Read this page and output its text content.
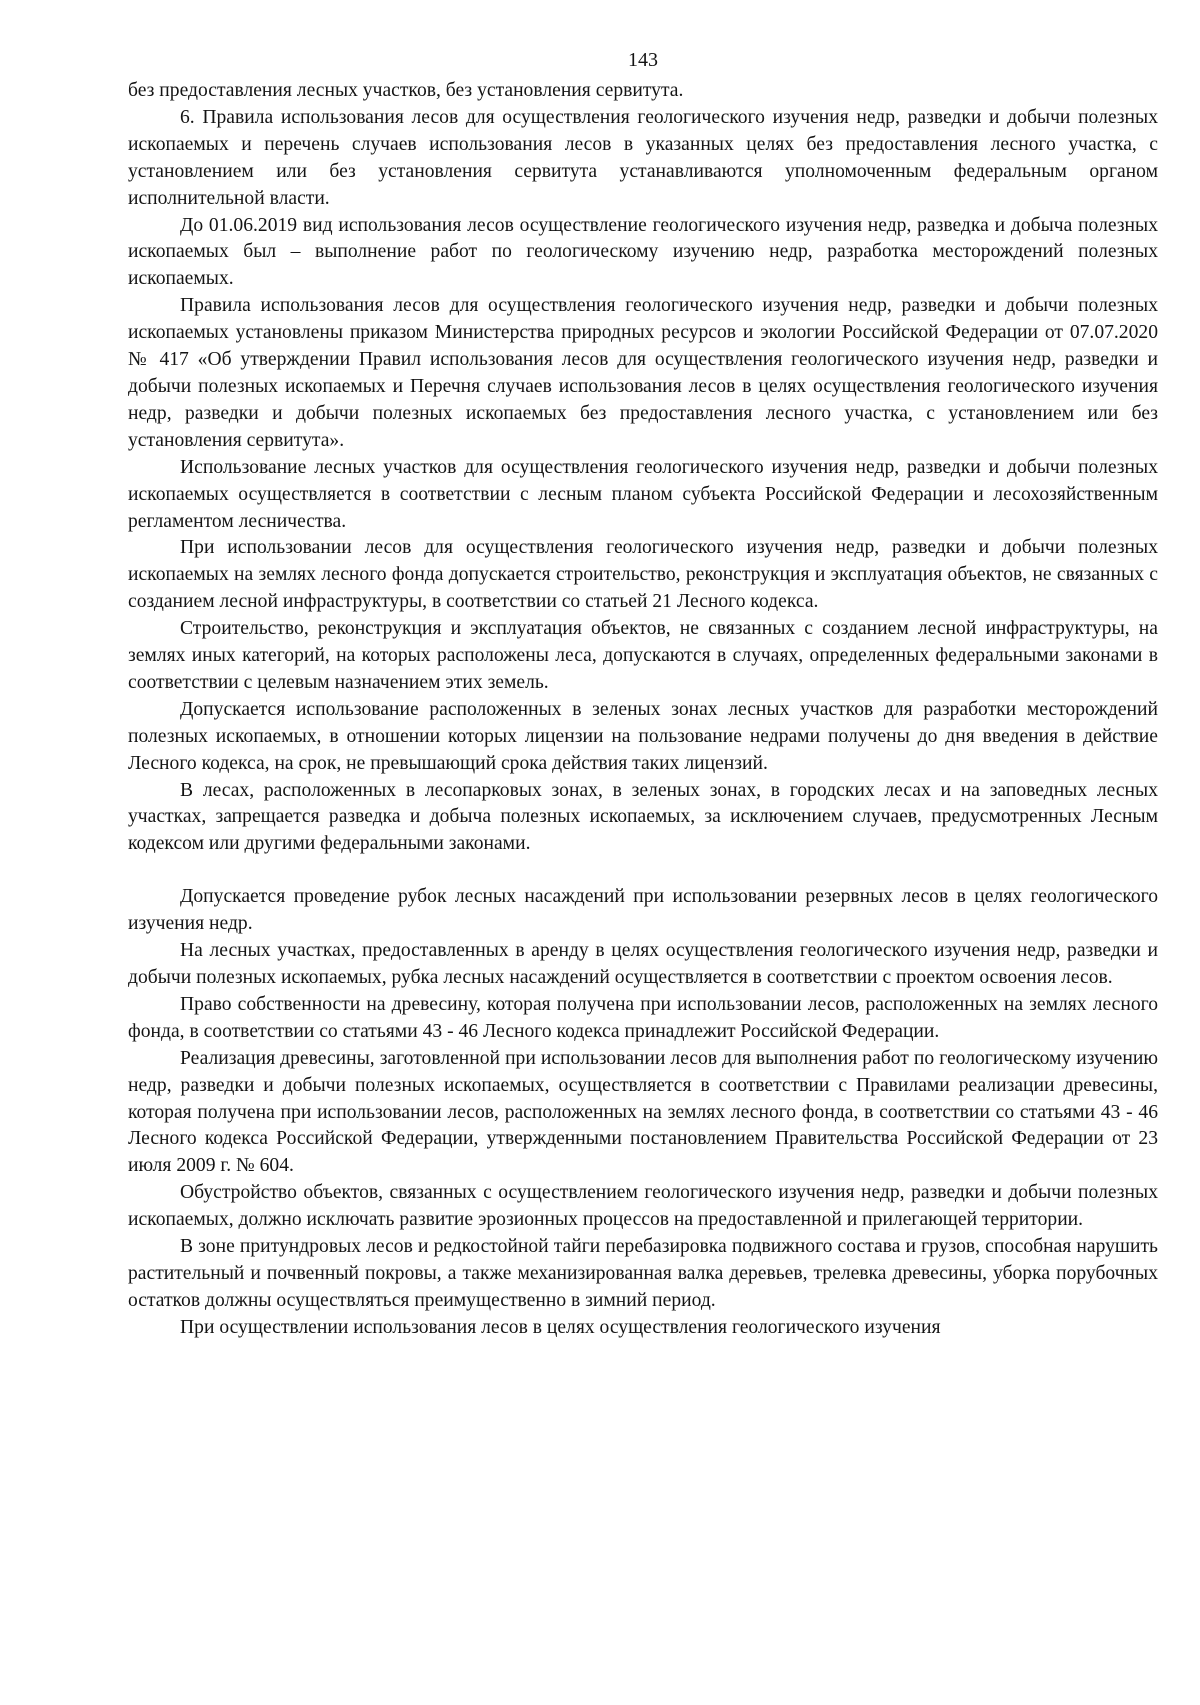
143

без предоставления лесных участков, без установления сервитута.

6. Правила использования лесов для осуществления геологического изучения недр, разведки и добычи полезных ископаемых и перечень случаев использования лесов в указанных целях без предоставления лесного участка, с установлением или без установления сервитута устанавливаются уполномоченным федеральным органом исполнительной власти.

До 01.06.2019 вид использования лесов осуществление геологического изучения недр, разведка и добыча полезных ископаемых был – выполнение работ по геологическому изучению недр, разработка месторождений полезных ископаемых.

Правила использования лесов для осуществления геологического изучения недр, разведки и добычи полезных ископаемых установлены приказом Министерства природных ресурсов и экологии Российской Федерации от 07.07.2020 № 417 «Об утверждении Правил использования лесов для осуществления геологического изучения недр, разведки и добычи полезных ископаемых и Перечня случаев использования лесов в целях осуществления геологического изучения недр, разведки и добычи полезных ископаемых без предоставления лесного участка, с установлением или без установления сервитута».

Использование лесных участков для осуществления геологического изучения недр, разведки и добычи полезных ископаемых осуществляется в соответствии с лесным планом субъекта Российской Федерации и лесохозяйственным регламентом лесничества.

При использовании лесов для осуществления геологического изучения недр, разведки и добычи полезных ископаемых на землях лесного фонда допускается строительство, реконструкция и эксплуатация объектов, не связанных с созданием лесной инфраструктуры, в соответствии со статьей 21 Лесного кодекса.

Строительство, реконструкция и эксплуатация объектов, не связанных с созданием лесной инфраструктуры, на землях иных категорий, на которых расположены леса, допускаются в случаях, определенных федеральными законами в соответствии с целевым назначением этих земель.

Допускается использование расположенных в зеленых зонах лесных участков для разработки месторождений полезных ископаемых, в отношении которых лицензии на пользование недрами получены до дня введения в действие Лесного кодекса, на срок, не превышающий срока действия таких лицензий.

В лесах, расположенных в лесопарковых зонах, в зеленых зонах, в городских лесах и на заповедных лесных участках, запрещается разведка и добыча полезных ископаемых, за исключением случаев, предусмотренных Лесным кодексом или другими федеральными законами.

Допускается проведение рубок лесных насаждений при использовании резервных лесов в целях геологического изучения недр.

На лесных участках, предоставленных в аренду в целях осуществления геологического изучения недр, разведки и добычи полезных ископаемых, рубка лесных насаждений осуществляется в соответствии с проектом освоения лесов.

Право собственности на древесину, которая получена при использовании лесов, расположенных на землях лесного фонда, в соответствии со статьями 43 - 46 Лесного кодекса принадлежит Российской Федерации.

Реализация древесины, заготовленной при использовании лесов для выполнения работ по геологическому изучению недр, разведки и добычи полезных ископаемых, осуществляется в соответствии с Правилами реализации древесины, которая получена при использовании лесов, расположенных на землях лесного фонда, в соответствии со статьями 43 - 46 Лесного кодекса Российской Федерации, утвержденными постановлением Правительства Российской Федерации от 23 июля 2009 г. № 604.

Обустройство объектов, связанных с осуществлением геологического изучения недр, разведки и добычи полезных ископаемых, должно исключать развитие эрозионных процессов на предоставленной и прилегающей территории.

В зоне притундровых лесов и редкостойной тайги перебазировка подвижного состава и грузов, способная нарушить растительный и почвенный покровы, а также механизированная валка деревьев, трелевка древесины, уборка порубочных остатков должны осуществляться преимущественно в зимний период.

При осуществлении использования лесов в целях осуществления геологического изучения
